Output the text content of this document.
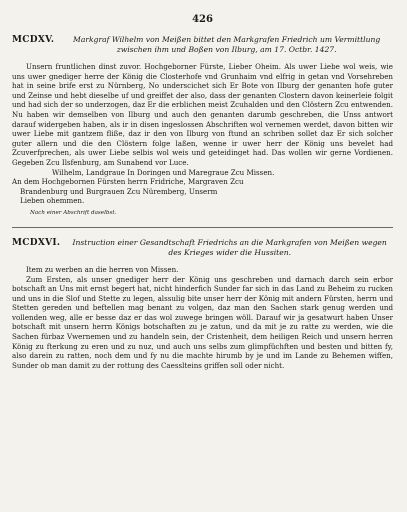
426
MCDXV.	Markgraf Wilhelm von Meißen bittet den Markgrafen Friedrich um Vermittlung zwischen ihm und Boßen von Ilburg, am 17. Octbr. 1427.

Unsern fruntlichen dinst zuvor. Hochgeborner Fürste, Lieber Oheim. Als uwer Liebe wol weis, wie uns uwer gnediger herre der König die Closterhofe vnd Grunhaim vnd elfrig in getan vnd Vorsehreben hat in seine brife erst zu Nürnberg, No underscichet sich Er Bote von Ilburg der genanten hofe guter und Zeinse und hebt dieselbe uf und greiffet der also, dass der genanten Clostern davon keinerleie folgit und had sich der so underzogen, daz Er die erblichen meist Zcuhalden und den Clöstern Zcu entwenden. Nu haben wir demselben von Ilburg und auch den genanten darumb geschreben, die Unss antwort darauf widergeben haben, als ir in disen ingeslossen Abschriften wol vernemen werdet, davon bitten wir uwer Liebe mit gantzem fliße, daz ir den von Ilburg von ftund an schriben sollet daz Er sich solcher guter allern und die den Clöstern folge laßen, wenne ir uwer herr der König uns bevelet had Zcuverfprechen, als uwer Liebe selbis wol weis und geteidinget had. Das wollen wir gerne Vordienen. Gegeben Zcu Ilsfenburg, am Sunabend vor Luce.

Wilhelm, Landgraue In Doringen und Maregraue Zcu Missen.

An dem Hochgebornen Fürsten herrn Fridriche, Margraven Zcu
Brandenburg und Burgrauen Zcu Nüremberg, Unserm
Lieben ohemmen.
Nach einer Abschrift daselbst.
MCDXVI.	Instruction einer Gesandtschaft Friedrichs an die Markgrafen von Meißen wegen des Krieges wider die Hussiten.

Item zu werben an die herren von Missen.

Zum Ersten, als unser gnediger herr der König uns geschreben und darnach darch sein erbor botschaft an Uns mit ernst begert hat, nicht hinderfich Sunder far sich in das Land zu Beheim zu rucken und uns in die Slof und Stette zu legen, alssulig bite unser herr der König mit andern Fürsten, herrn und Stetten gereden und beftellen mag benant zu volgen, daz man den Sachen stark genug werden und vollenden weg, alle er besse daz er das wol zuwege bringen wöll. Darauf wir ja gesatwurt haben Unser botschaft mit unsern herrn Königs botschaften zu je zatun, und da mit je zu ratte zu werden, wie die Sachen fürbaz Vwernemen und zu handeln sein, der Cristenheit, dem heiligen Reich und unsern herren König zu fterkung zu eren und zu nuz, und auch uns selbs zum glimpfüchften und besten und bitten fy, also darein zu ratten, noch dem und fy nu die machte hirumb by je und im Lande zu Behemen wiffen, Sunder ob man damit zu der rottung des Caesslteins griffen soll oder nicht.
